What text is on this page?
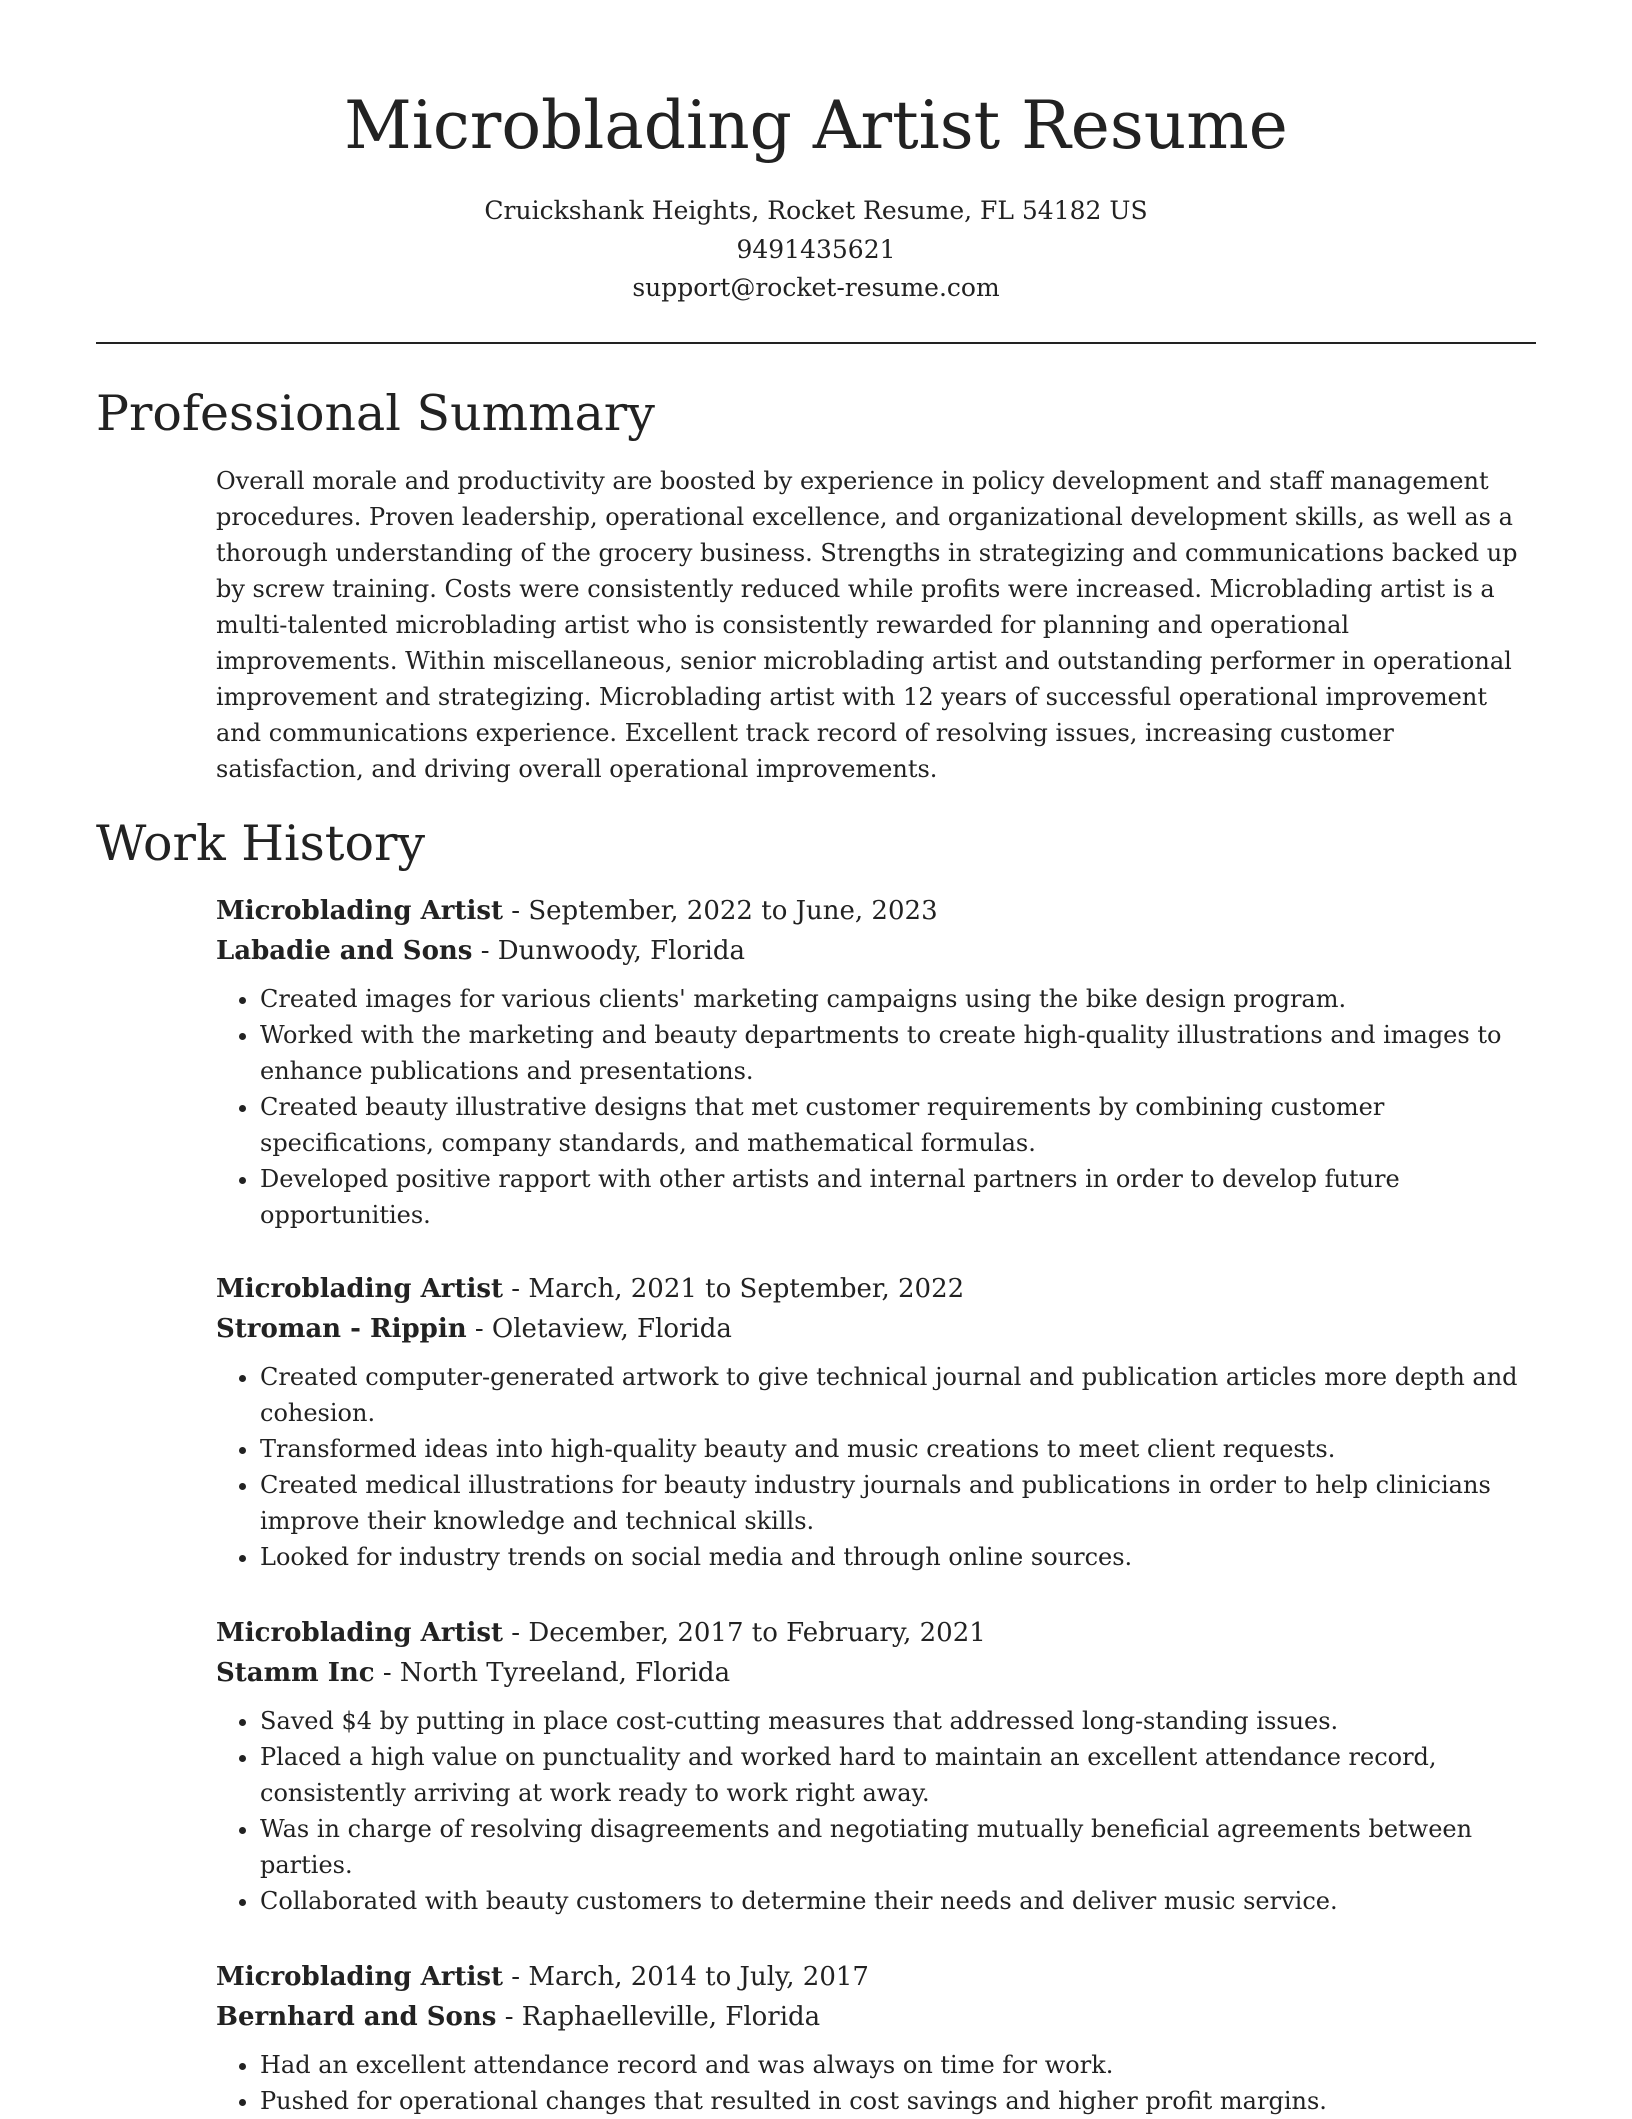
Microblading Artist Resume
Cruickshank Heights, Rocket Resume, FL 54182 US
9491435621
support@rocket-resume.com
Professional Summary

Overall morale and productivity are boosted by experience in policy development and staff management procedures. Proven leadership, operational excellence, and organizational development skills, as well as a thorough understanding of the grocery business. Strengths in strategizing and communications backed up by screw training. Costs were consistently reduced while profits were increased. Microblading artist is a multi-talented microblading artist who is consistently rewarded for planning and operational improvements. Within miscellaneous, senior microblading artist and outstanding performer in operational improvement and strategizing. Microblading artist with 12 years of successful operational improvement and communications experience. Excellent track record of resolving issues, increasing customer satisfaction, and driving overall operational improvements.

Work History
Microblading Artist - September, 2022 to June, 2023
Labadie and Sons - Dunwoody, Florida
• Created images for various clients' marketing campaigns using the bike design program.
• Worked with the marketing and beauty departments to create high-quality illustrations and images to enhance publications and presentations.
• Created beauty illustrative designs that met customer requirements by combining customer specifications, company standards, and mathematical formulas.
• Developed positive rapport with other artists and internal partners in order to develop future opportunities.
Microblading Artist - March, 2021 to September, 2022
Stroman - Rippin - Oletaview, Florida
• Created computer-generated artwork to give technical journal and publication articles more depth and cohesion.
• Transformed ideas into high-quality beauty and music creations to meet client requests.
• Created medical illustrations for beauty industry journals and publications in order to help clinicians improve their knowledge and technical skills.
• Looked for industry trends on social media and through online sources.
Microblading Artist - December, 2017 to February, 2021
Stamm Inc - North Tyreeland, Florida
• Saved $4 by putting in place cost-cutting measures that addressed long-standing issues.
• Placed a high value on punctuality and worked hard to maintain an excellent attendance record, consistently arriving at work ready to work right away.
• Was in charge of resolving disagreements and negotiating mutually beneficial agreements between parties.
• Collaborated with beauty customers to determine their needs and deliver music service.
Microblading Artist - March, 2014 to July, 2017
Bernhard and Sons - Raphaelleville, Florida
• Had an excellent attendance record and was always on time for work.
• Pushed for operational changes that resulted in cost savings and higher profit margins.
